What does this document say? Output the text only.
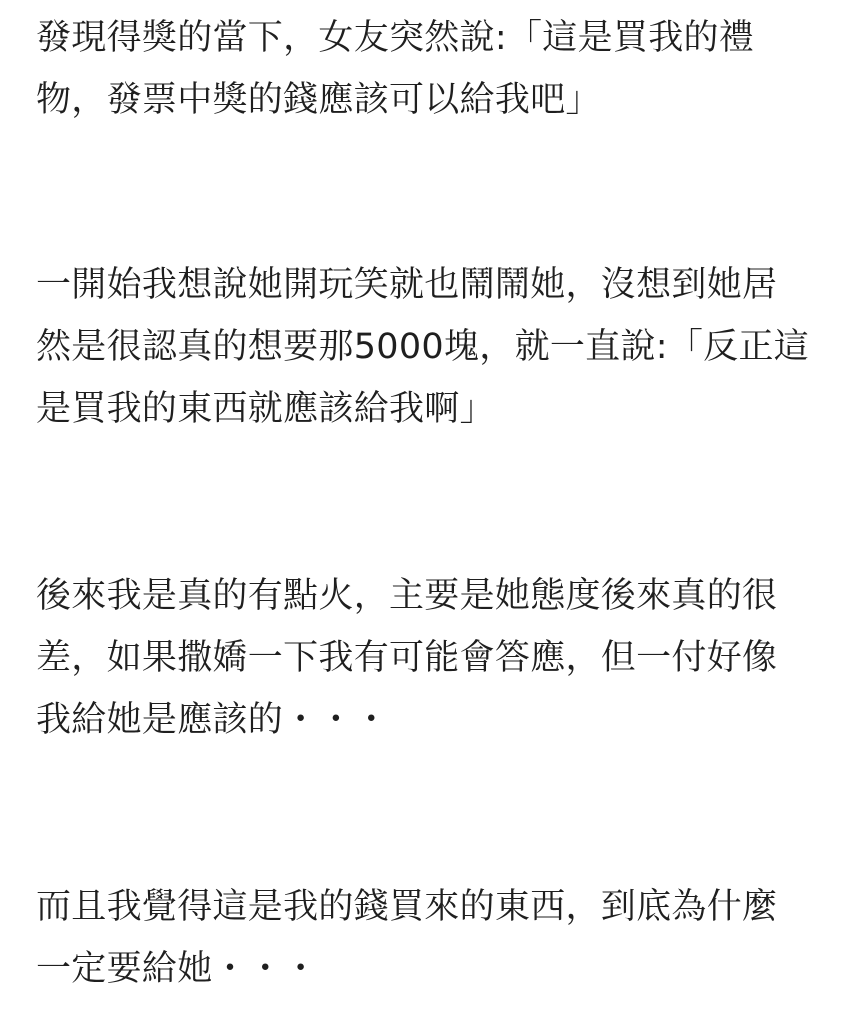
發現得獎的當下，女友突然說:「這是買我的禮
物，發票中獎的錢應該可以給我吧」
一開始我想說她開玩笑就也鬧鬧她，沒想到她居
然是很認真的想要那5000塊，就一直說:「反正這
是買我的東西就應該給我啊」
後來我是真的有點火，主要是她態度後來真的很
差，如果撒嬌一下我有可能會答應，但一付好像
我給她是應該的・・・
而且我覺得這是我的錢買來的東西，到底為什麼
一定要給她・・・
